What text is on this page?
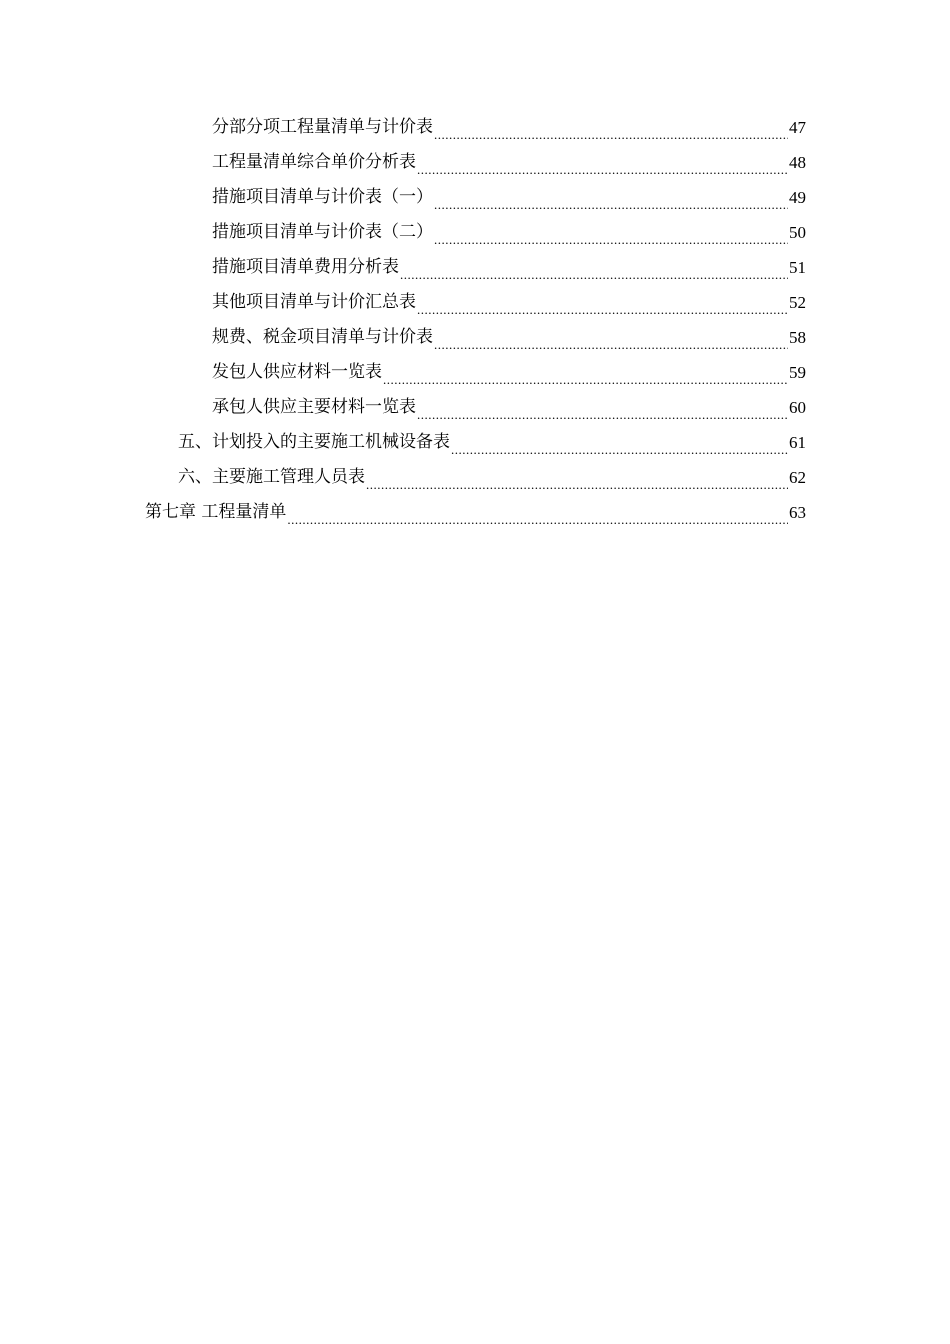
分部分项工程量清单与计价表 .....	47
工程量清单综合单价分析表 .....	48
措施项目清单与计价表（一） .....	49
措施项目清单与计价表（二） .....	50
措施项目清单费用分析表 .....	51
其他项目清单与计价汇总表 .....	52
规费、税金项目清单与计价表 .....	58
发包人供应材料一览表 .....	59
承包人供应主要材料一览表 .....	60
五、计划投入的主要施工机械设备表 .....	61
六、主要施工管理人员表 .....	62
第七章 工程量清单 .....	63
